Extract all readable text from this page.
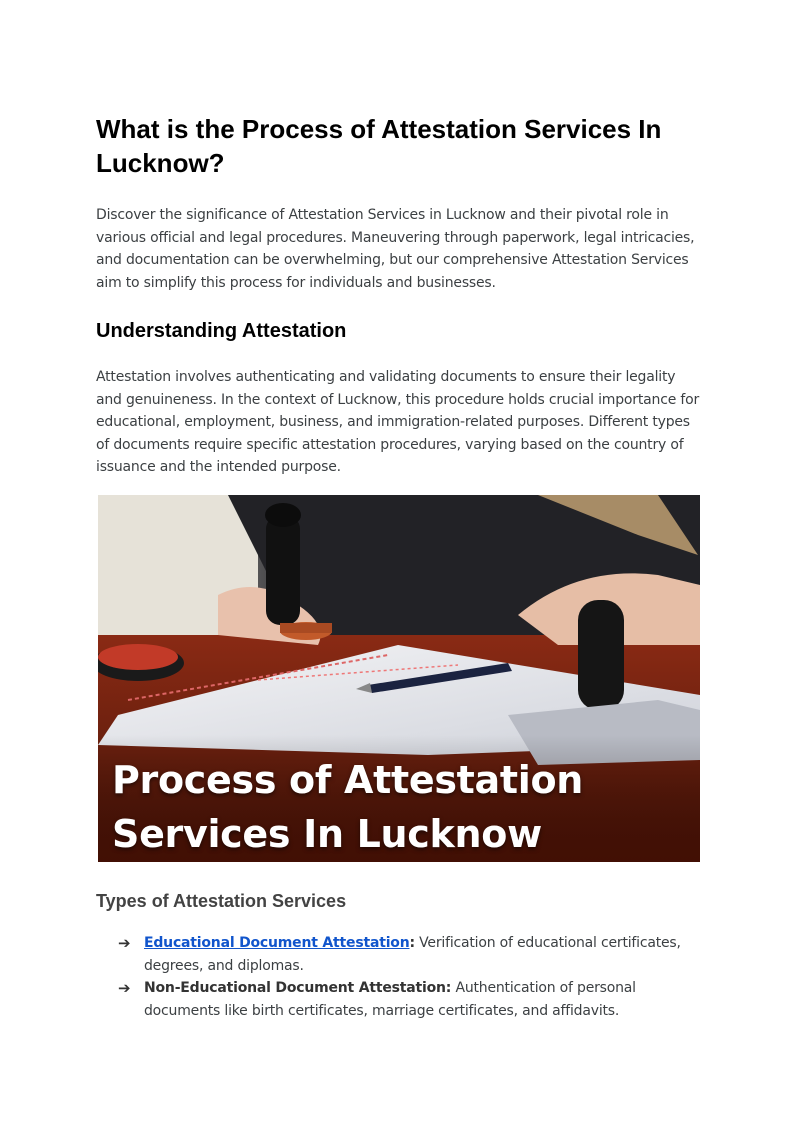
What is the Process of Attestation Services In Lucknow?

Discover the significance of Attestation Services in Lucknow and their pivotal role in various official and legal procedures. Maneuvering through paperwork, legal intricacies, and documentation can be overwhelming, but our comprehensive Attestation Services aim to simplify this process for individuals and businesses.

Understanding Attestation

Attestation involves authenticating and validating documents to ensure their legality and genuineness. In the context of Lucknow, this procedure holds crucial importance for educational, employment, business, and immigration-related purposes. Different types of documents require specific attestation procedures, varying based on the country of issuance and the intended purpose.

Process of Attestation
Services In Lucknow
Types of Attestation Services
➔ Educational Document Attestation: Verification of educational certificates, degrees, and diplomas.
➔ Non-Educational Document Attestation: Authentication of personal documents like birth certificates, marriage certificates, and affidavits.
